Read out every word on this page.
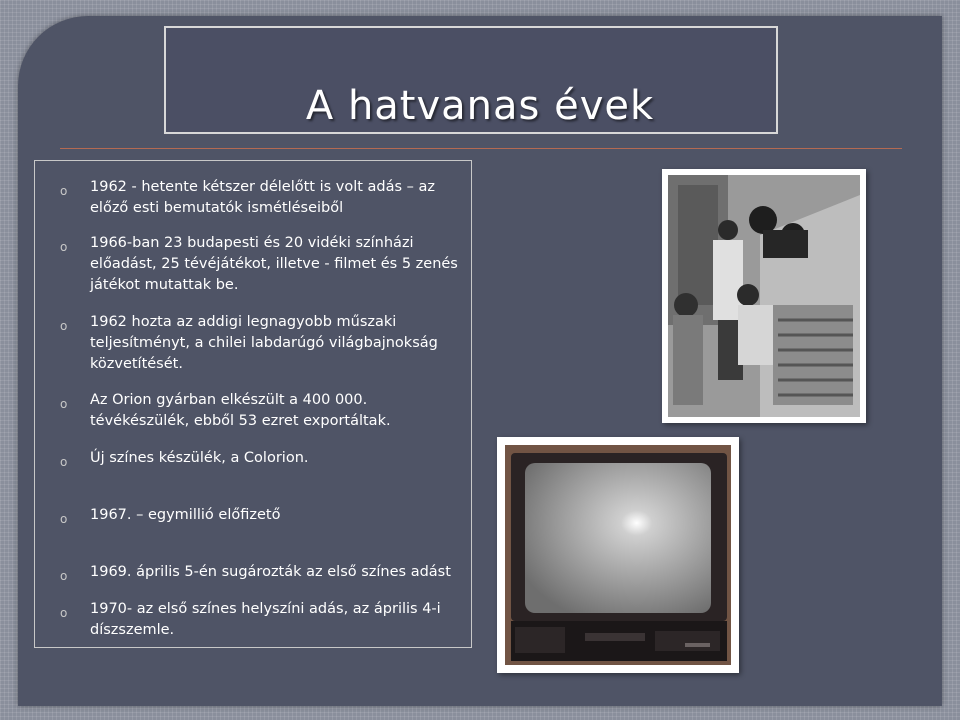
A hatvanas évek
o 1962 - hetente kétszer délelőtt is volt adás – az előző esti bemutatók ismétléseiből
o 1966-ban 23 budapesti és 20 vidéki színházi előadást, 25 tévéjátékot, illetve - filmet és 5 zenés játékot mutattak be.
o 1962 hozta az addigi legnagyobb műszaki teljesítményt, a chilei labdarúgó világbajnokság közvetítését.
o Az Orion gyárban elkészült a 400 000. tévékészülék, ebből 53 ezret exportáltak.
o Új színes készülék, a Colorion.
o 1967. – egymillió előfizető
o 1969. április 5-én sugározták az első színes adást
o 1970- az első színes helyszíni adás, az április 4-i díszszemle.
